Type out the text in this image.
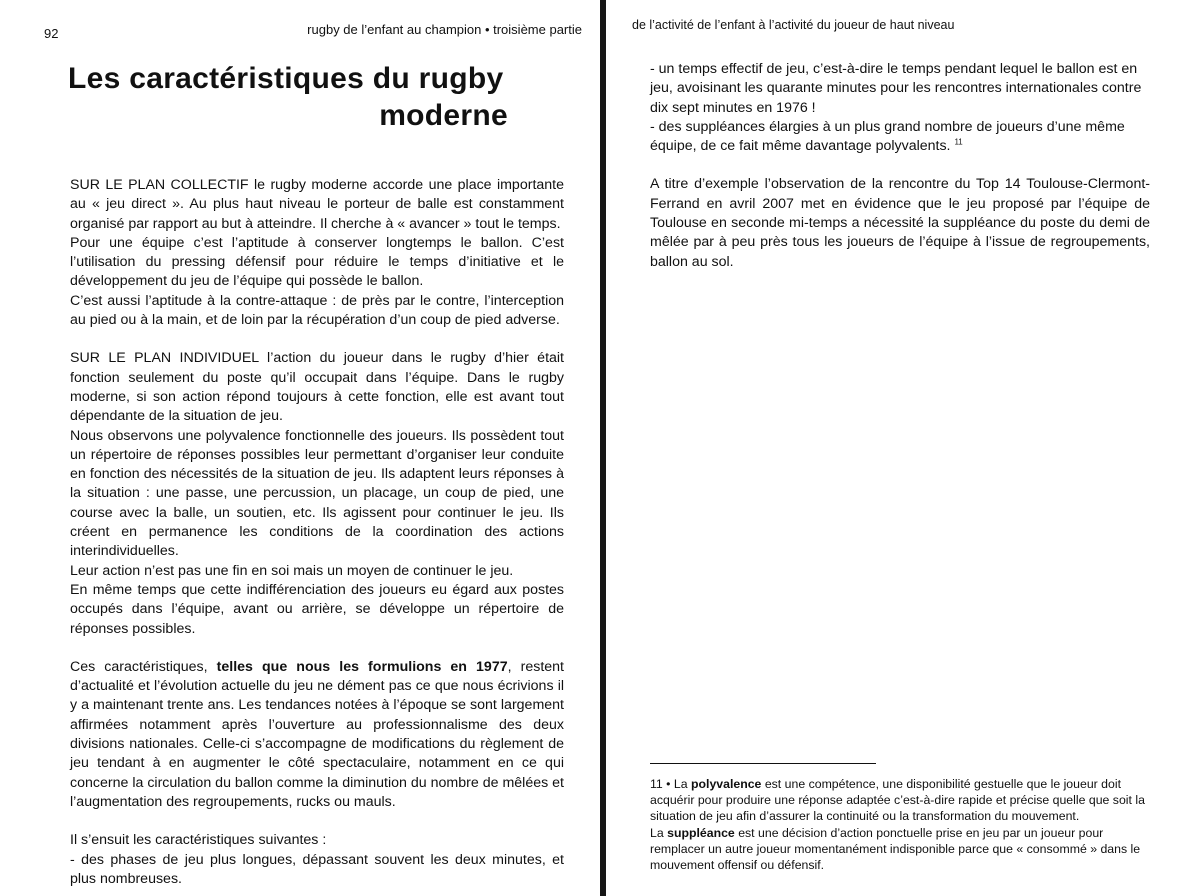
92	rugby de l’enfant au champion • troisième partie
Les caractéristiques du rugby
moderne

SUR LE PLAN COLLECTIF le rugby moderne accorde une place importante au « jeu direct ». Au plus haut niveau le porteur de balle est constamment organisé par rapport au but à atteindre. Il cherche à « avancer » tout le temps.

Pour une équipe c’est l’aptitude à conserver longtemps le ballon. C’est l’utilisation du pressing défensif pour réduire le temps d’initiative et le développement du jeu de l’équipe qui possède le ballon.

C’est aussi l’aptitude à la contre-attaque : de près par le contre, l’interception au pied ou à la main, et de loin par la récupération d’un coup de pied adverse.

SUR LE PLAN INDIVIDUEL l’action du joueur dans le rugby d’hier était fonction seulement du poste qu’il occupait dans l’équipe. Dans le rugby moderne, si son action répond toujours à cette fonction, elle est avant tout dépendante de la situation de jeu.

Nous observons une polyvalence fonctionnelle des joueurs. Ils possèdent tout un répertoire de réponses possibles leur permettant d’organiser leur conduite en fonction des nécessités de la situation de jeu. Ils adaptent leurs réponses à la situation : une passe, une percussion, un placage, un coup de pied, une course avec la balle, un soutien, etc. Ils agissent pour continuer le jeu. Ils créent en permanence les conditions de la coordination des actions interindividuelles.

Leur action n’est pas une fin en soi mais un moyen de continuer le jeu.

En même temps que cette indifférenciation des joueurs eu égard aux postes occupés dans l’équipe, avant ou arrière, se développe un répertoire de réponses possibles.

Ces caractéristiques, telles que nous les formulions en 1977, restent d’actualité et l’évolution actuelle du jeu ne dément pas ce que nous écrivions il y a maintenant trente ans. Les tendances notées à l’époque se sont largement affirmées notamment après l’ouverture au professionnalisme des deux divisions nationales. Celle-ci s’accompagne de modifications du règlement de jeu tendant à en augmenter le côté spectaculaire, notamment en ce qui concerne la circulation du ballon comme la diminution du nombre de mêlées et l’augmentation des regroupements, rucks ou mauls.

Il s’ensuit les caractéristiques suivantes :

- des phases de jeu plus longues, dépassant souvent les deux minutes, et plus nombreuses.

de l’activité de l’enfant à l’activité du joueur de haut niveau

- un temps effectif de jeu, c’est-à-dire le temps pendant lequel le ballon est en jeu, avoisinant les quarante minutes pour les rencontres internationales contre dix sept minutes en 1976 !

- des suppléances élargies à un plus grand nombre de joueurs d’une même équipe, de ce fait même davantage polyvalents. $^{11}$

A titre d’exemple l’observation de la rencontre du Top 14 Toulouse-Clermont-Ferrand en avril 2007 met en évidence que le jeu proposé par l’équipe de Toulouse en seconde mi-temps a nécessité la suppléance du poste du demi de mêlée par à peu près tous les joueurs de l’équipe à l’issue de regroupements, ballon au sol.

11 • La polyvalence est une compétence, une disponibilité gestuelle que le joueur doit acquérir pour produire une réponse adaptée c’est-à-dire rapide et précise quelle que soit la situation de jeu afin d’assurer la continuité ou la transformation du mouvement.

La suppléance est une décision d’action ponctuelle prise en jeu par un joueur pour remplacer un autre joueur momentanément indisponible parce que « consommé » dans le mouvement offensif ou défensif.
